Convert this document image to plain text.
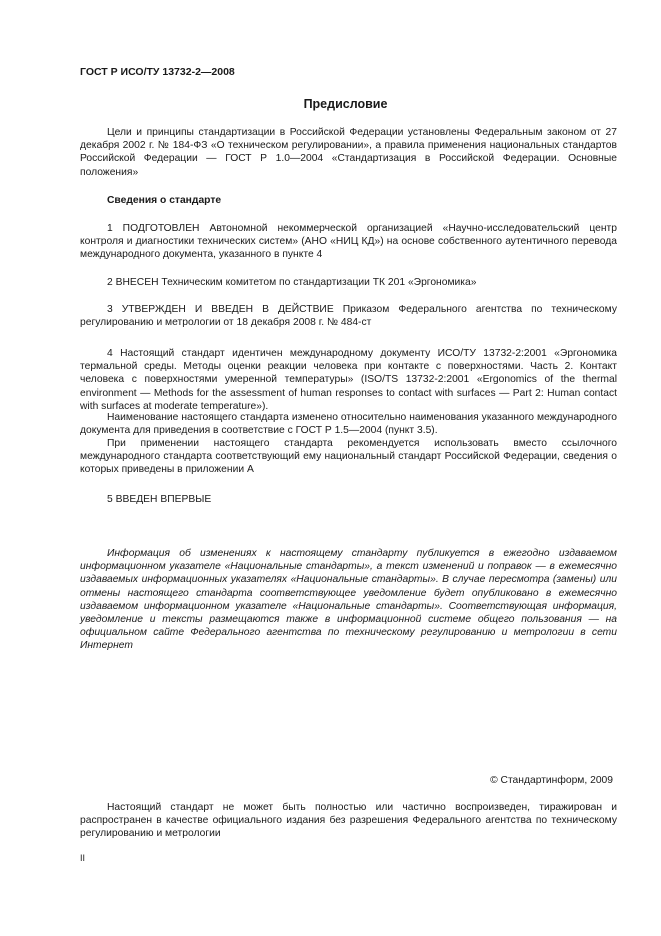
ГОСТ Р ИСО/ТУ 13732-2—2008
Предисловие

Цели и принципы стандартизации в Российской Федерации установлены Федеральным законом от 27 декабря 2002 г. № 184-ФЗ «О техническом регулировании», а правила применения национальных стандартов Российской Федерации — ГОСТ Р 1.0—2004 «Стандартизация в Российской Федерации. Основные положения»

Сведения о стандарте

1 ПОДГОТОВЛЕН Автономной некоммерческой организацией «Научно-исследовательский центр контроля и диагностики технических систем» (АНО «НИЦ КД») на основе собственного аутентичного перевода международного документа, указанного в пункте 4

2 ВНЕСЕН Техническим комитетом по стандартизации ТК 201 «Эргономика»

3 УТВЕРЖДЕН И ВВЕДЕН В ДЕЙСТВИЕ Приказом Федерального агентства по техническому регулированию и метрологии от 18 декабря 2008 г. № 484-ст

4 Настоящий стандарт идентичен международному документу ИСО/ТУ 13732-2:2001 «Эргономика термальной среды. Методы оценки реакции человека при контакте с поверхностями. Часть 2. Контакт человека с поверхностями умеренной температуры» (ISO/TS 13732-2:2001 «Ergonomics of the thermal environment — Methods for the assessment of human responses to contact with surfaces — Part 2: Human contact with surfaces at moderate temperature»).

Наименование настоящего стандарта изменено относительно наименования указанного международного документа для приведения в соответствие с ГОСТ Р 1.5—2004 (пункт 3.5).

При применении настоящего стандарта рекомендуется использовать вместо ссылочного международного стандарта соответствующий ему национальный стандарт Российской Федерации, сведения о которых приведены в приложении А

5 ВВЕДЕН ВПЕРВЫЕ

Информация об изменениях к настоящему стандарту публикуется в ежегодно издаваемом информационном указателе «Национальные стандарты», а текст изменений и поправок — в ежемесячно издаваемых информационных указателях «Национальные стандарты». В случае пересмотра (замены) или отмены настоящего стандарта соответствующее уведомление будет опубликовано в ежемесячно издаваемом информационном указателе «Национальные стандарты». Соответствующая информация, уведомление и тексты размещаются также в информационной системе общего пользования — на официальном сайте Федерального агентства по техническому регулированию и метрологии в сети Интернет

© Стандартинформ, 2009

Настоящий стандарт не может быть полностью или частично воспроизведен, тиражирован и распространен в качестве официального издания без разрешения Федерального агентства по техническому регулированию и метрологии

II
